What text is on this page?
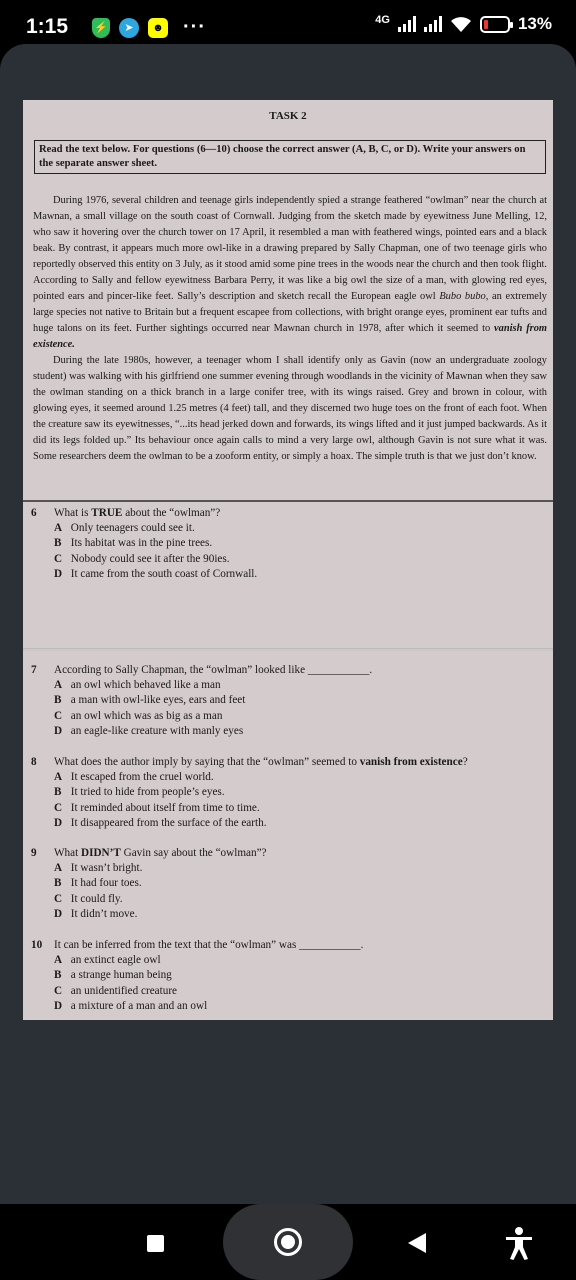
1:15 ⚡	➤	☻ ···	4G	13%
TASK 2
Read the text below. For questions (6—10) choose the correct answer (A, B, C, or D). Write your answers on the separate answer sheet.

During 1976, several children and teenage girls independently spied a strange feathered “owlman” near the church at Mawnan, a small village on the south coast of Cornwall. Judging from the sketch made by eyewitness June Melling, 12, who saw it hovering over the church tower on 17 April, it resembled a man with feathered wings, pointed ears and a black beak. By contrast, it appears much more owl-like in a drawing prepared by Sally Chapman, one of two teenage girls who reportedly observed this entity on 3 July, as it stood amid some pine trees in the woods near the church and then took flight. According to Sally and fellow eyewitness Barbara Perry, it was like a big owl the size of a man, with glowing red eyes, pointed ears and pincer-like feet. Sally’s description and sketch recall the European eagle owl Bubo bubo, an extremely large species not native to Britain but a frequent escapee from collections, with bright orange eyes, prominent ear tufts and huge talons on its feet. Further sightings occurred near Mawnan church in 1978, after which it seemed to vanish from existence.

During the late 1980s, however, a teenager whom I shall identify only as Gavin (now an undergraduate zoology student) was walking with his girlfriend one summer evening through woodlands in the vicinity of Mawnan when they saw the owlman standing on a thick branch in a large conifer tree, with its wings raised. Grey and brown in colour, with glowing eyes, it seemed around 1.25 metres (4 feet) tall, and they discerned two huge toes on the front of each foot. When the creature saw its eyewitnesses, “...its head jerked down and forwards, its wings lifted and it just jumped backwards. As it did its legs folded up.” Its behaviour once again calls to mind a very large owl, although Gavin is not sure what it was. Some researchers deem the owlman to be a zooform entity, or simply a hoax. The simple truth is that we just don’t know.

6 What is TRUE about the “owlman”?
A Only teenagers could see it.
B Its habitat was in the pine trees.
C Nobody could see it after the 90ies.
D It came from the south coast of Cornwall.
7 According to Sally Chapman, the “owlman” looked like ___________.
A an owl which behaved like a man
B a man with owl-like eyes, ears and feet
C an owl which was as big as a man
D an eagle-like creature with manly eyes
8 What does the author imply by saying that the “owlman” seemed to vanish from existence?
A It escaped from the cruel world.
B It tried to hide from people’s eyes.
C It reminded about itself from time to time.
D It disappeared from the surface of the earth.
9 What DIDN’T Gavin say about the “owlman”?
A It wasn’t bright.
B It had four toes.
C It could fly.
D It didn’t move.
10 It can be inferred from the text that the “owlman” was ___________.
A an extinct eagle owl
B a strange human being
C an unidentified creature
D a mixture of a man and an owl
